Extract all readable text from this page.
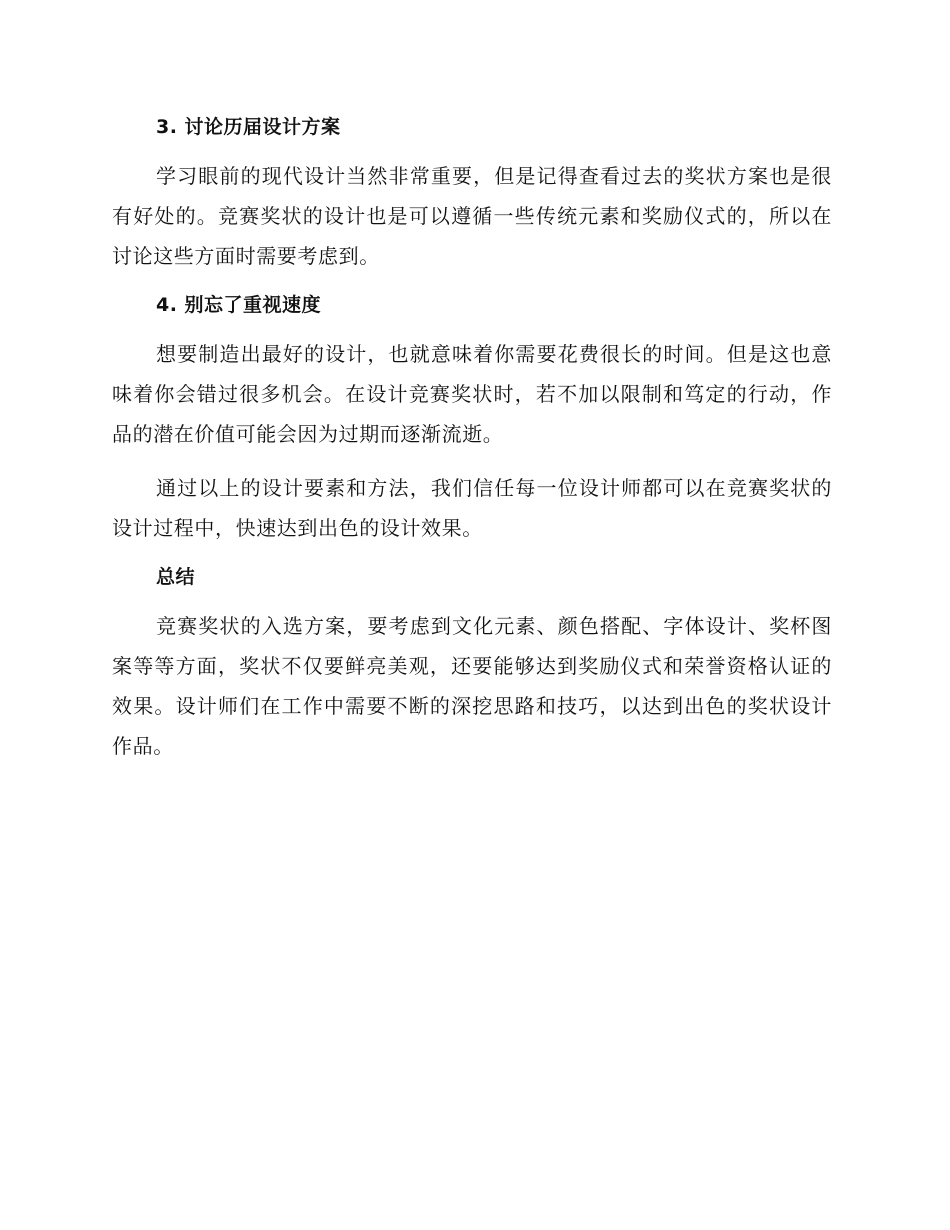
3. 讨论历届设计方案

学习眼前的现代设计当然非常重要，但是记得查看过去的奖状方案也是很有好处的。竞赛奖状的设计也是可以遵循一些传统元素和奖励仪式的，所以在讨论这些方面时需要考虑到。

4. 别忘了重视速度

想要制造出最好的设计，也就意味着你需要花费很长的时间。但是这也意味着你会错过很多机会。在设计竞赛奖状时，若不加以限制和笃定的行动，作品的潜在价值可能会因为过期而逐渐流逝。

通过以上的设计要素和方法，我们信任每一位设计师都可以在竞赛奖状的设计过程中，快速达到出色的设计效果。

总结

竞赛奖状的入选方案，要考虑到文化元素、颜色搭配、字体设计、奖杯图案等等方面，奖状不仅要鲜亮美观，还要能够达到奖励仪式和荣誉资格认证的效果。设计师们在工作中需要不断的深挖思路和技巧，以达到出色的奖状设计作品。
